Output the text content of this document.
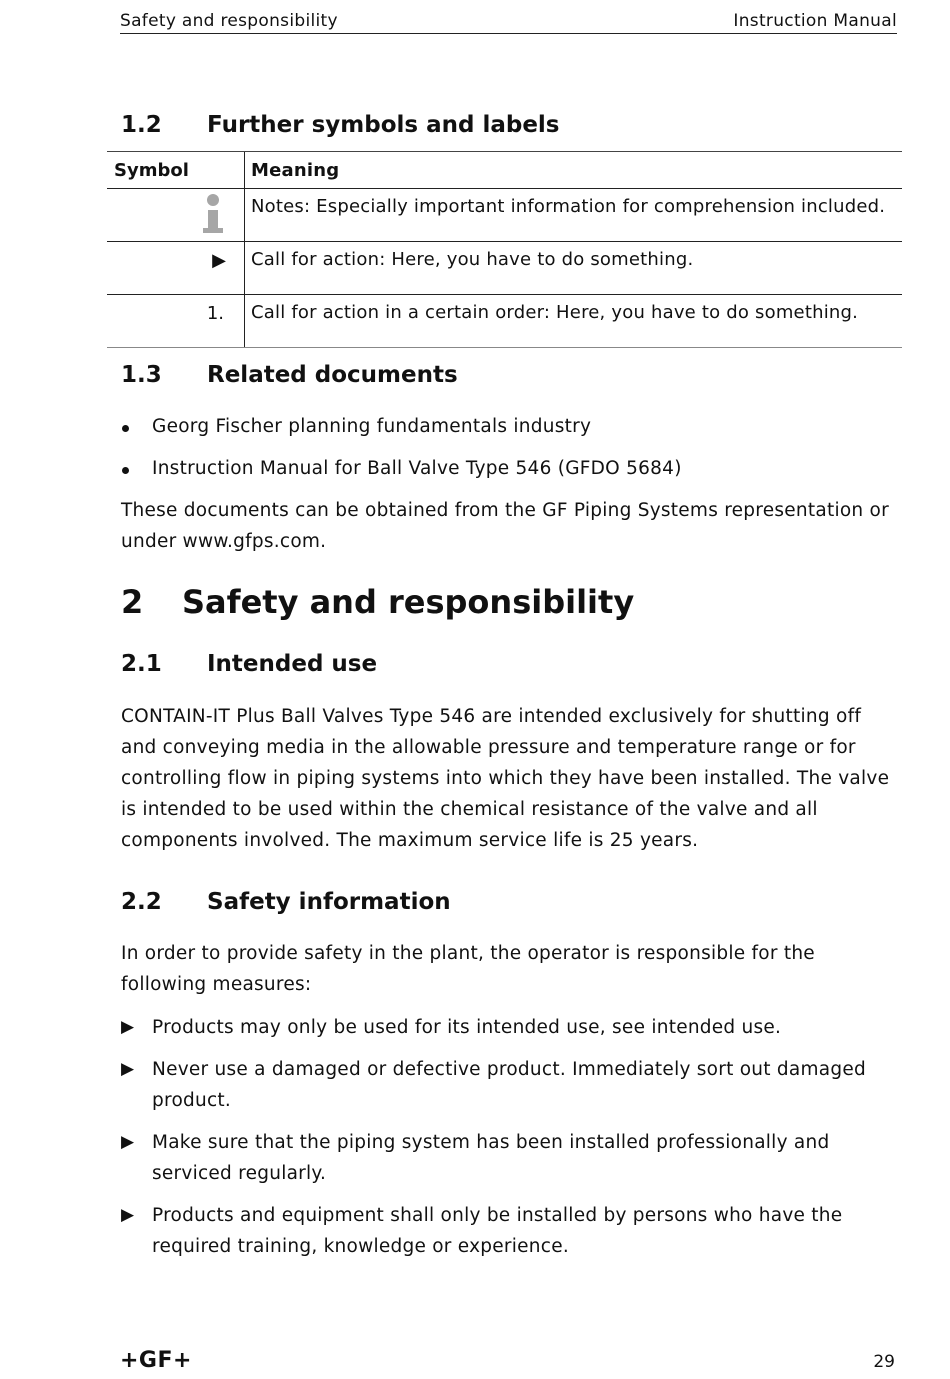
Safety and responsibility	Instruction Manual
1.2 Further symbols and labels
Symbol	Meaning
Notes: Especially important information for comprehension included.
▶ Call for action: Here, you have to do something.
1. Call for action in a certain order: Here, you have to do something.
1.3 Related documents
Georg Fischer planning fundamentals industry
Instruction Manual for Ball Valve Type 546 (GFDO 5684)
These documents can be obtained from the GF Piping Systems representation or under www.gfps.com.
2 Safety and responsibility
2.1 Intended use
CONTAIN-IT Plus Ball Valves Type 546 are intended exclusively for shutting off and conveying media in the allowable pressure and temperature range or for controlling flow in piping systems into which they have been installed. The valve is intended to be used within the chemical resistance of the valve and all components involved. The maximum service life is 25 years.
2.2 Safety information
In order to provide safety in the plant, the operator is responsible for the following measures:
▶ Products may only be used for its intended use, see intended use.
▶ Never use a damaged or defective product. Immediately sort out damaged product.
▶ Make sure that the piping system has been installed professionally and serviced regularly.
▶ Products and equipment shall only be installed by persons who have the required training, knowledge or experience.
+GF+	29
